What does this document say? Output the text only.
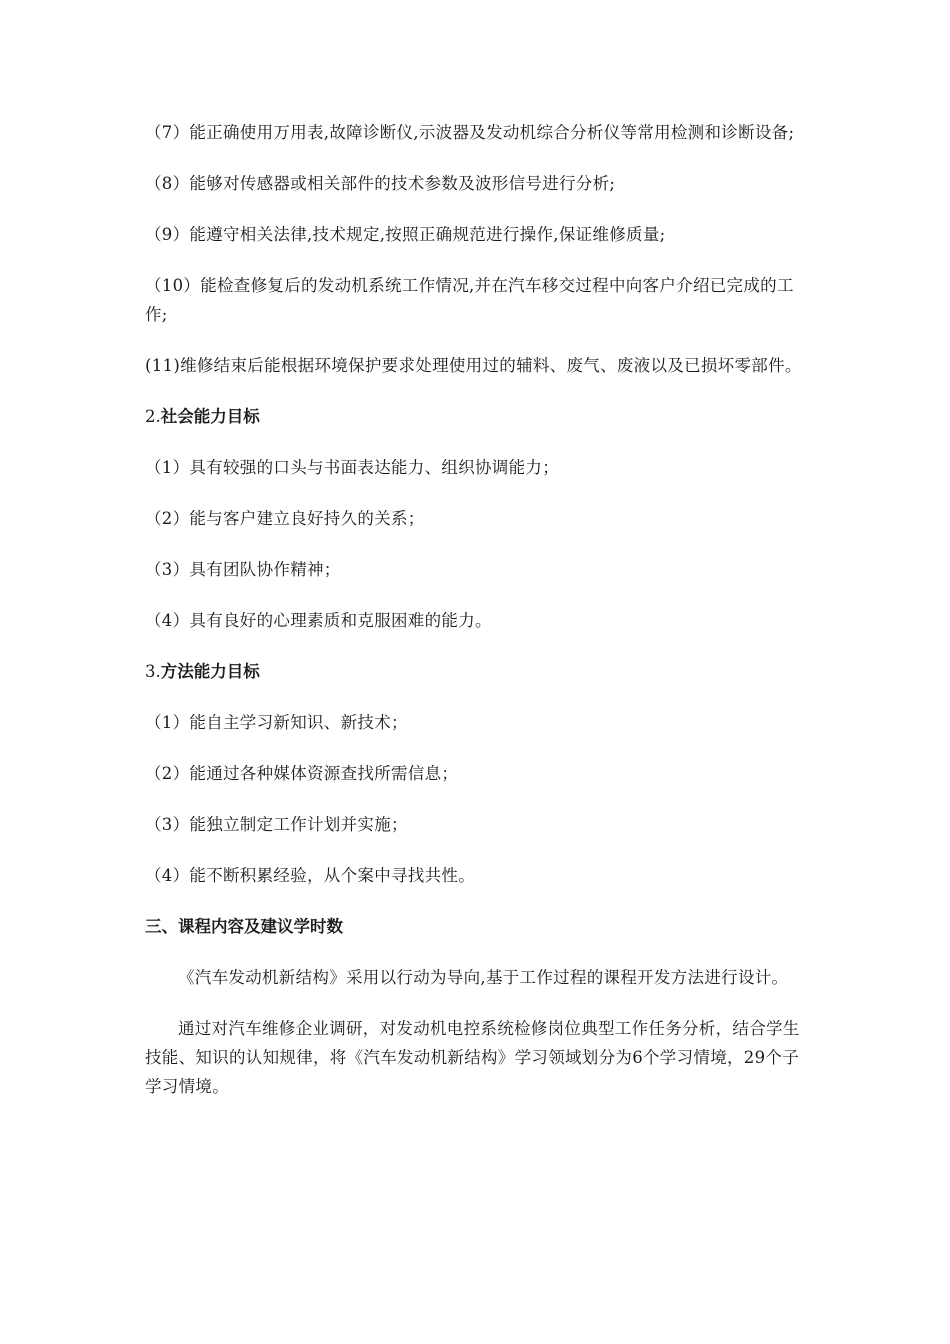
（7）能正确使用万用表,故障诊断仪,示波器及发动机综合分析仪等常用检测和诊断设备;

（8）能够对传感器或相关部件的技术参数及波形信号进行分析;

（9）能遵守相关法律,技术规定,按照正确规范进行操作,保证维修质量;

（10）能检查修复后的发动机系统工作情况,并在汽车移交过程中向客户介绍已完成的工作;

(11)维修结束后能根据环境保护要求处理使用过的辅料、废气、废液以及已损坏零部件。

2.社会能力目标

（1）具有较强的口头与书面表达能力、组织协调能力；

（2）能与客户建立良好持久的关系；

（3）具有团队协作精神；

（4）具有良好的心理素质和克服困难的能力。

3.方法能力目标

（1）能自主学习新知识、新技术；

（2）能通过各种媒体资源查找所需信息；

（3）能独立制定工作计划并实施；

（4）能不断积累经验，从个案中寻找共性。

三、课程内容及建议学时数

《汽车发动机新结构》采用以行动为导向,基于工作过程的课程开发方法进行设计。

通过对汽车维修企业调研，对发动机电控系统检修岗位典型工作任务分析，结合学生技能、知识的认知规律，将《汽车发动机新结构》学习领域划分为6个学习情境，29个子学习情境。
